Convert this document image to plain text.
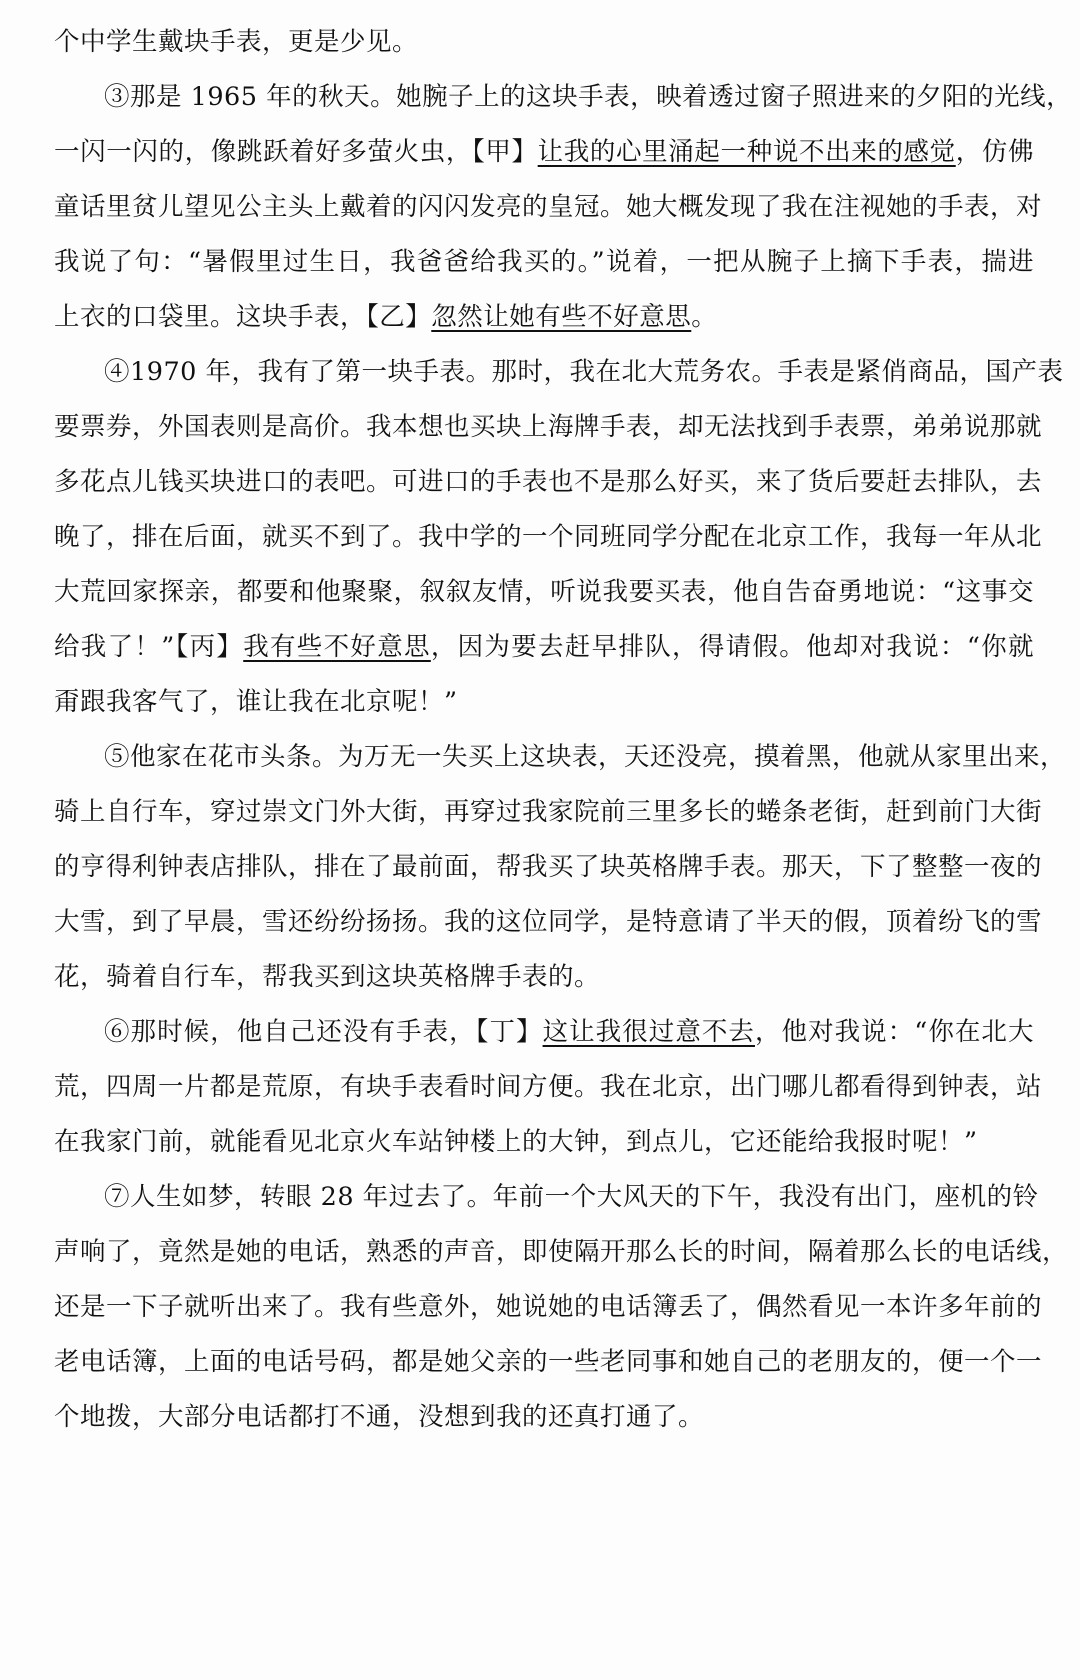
个中学生戴块手表，更是少见。
③那是 1965 年的秋天。她腕子上的这块手表，映着透过窗子照进来的夕阳的光线，
一闪一闪的，像跳跃着好多萤火虫，【甲】让我的心里涌起一种说不出来的感觉，仿佛
童话里贫儿望见公主头上戴着的闪闪发亮的皇冠。她大概发现了我在注视她的手表，对
我说了句：“暑假里过生日，我爸爸给我买的。”说着，一把从腕子上摘下手表，揣进
上衣的口袋里。这块手表，【乙】忽然让她有些不好意思。
④1970 年，我有了第一块手表。那时，我在北大荒务农。手表是紧俏商品，国产表
要票券，外国表则是高价。我本想也买块上海牌手表，却无法找到手表票，弟弟说那就
多花点儿钱买块进口的表吧。可进口的手表也不是那么好买，来了货后要赶去排队，去
晚了，排在后面，就买不到了。我中学的一个同班同学分配在北京工作，我每一年从北
大荒回家探亲，都要和他聚聚，叙叙友情，听说我要买表，他自告奋勇地说：“这事交
给我了！”【丙】我有些不好意思，因为要去赶早排队，得请假。他却对我说：“你就
甭跟我客气了，谁让我在北京呢！”
⑤他家在花市头条。为万无一失买上这块表，天还没亮，摸着黑，他就从家里出来，
骑上自行车，穿过崇文门外大街，再穿过我家院前三里多长的蜷条老街，赶到前门大街
的亨得利钟表店排队，排在了最前面，帮我买了块英格牌手表。那天，下了整整一夜的
大雪，到了早晨，雪还纷纷扬扬。我的这位同学，是特意请了半天的假，顶着纷飞的雪
花，骑着自行车，帮我买到这块英格牌手表的。
⑥那时候，他自己还没有手表，【丁】这让我很过意不去，他对我说：“你在北大
荒，四周一片都是荒原，有块手表看时间方便。我在北京，出门哪儿都看得到钟表，站
在我家门前，就能看见北京火车站钟楼上的大钟，到点儿，它还能给我报时呢！”
⑦人生如梦，转眼 28 年过去了。年前一个大风天的下午，我没有出门，座机的铃
声响了，竟然是她的电话，熟悉的声音，即使隔开那么长的时间，隔着那么长的电话线，
还是一下子就听出来了。我有些意外，她说她的电话簿丢了，偶然看见一本许多年前的
老电话簿，上面的电话号码，都是她父亲的一些老同事和她自己的老朋友的，便一个一
个地拨，大部分电话都打不通，没想到我的还真打通了。
